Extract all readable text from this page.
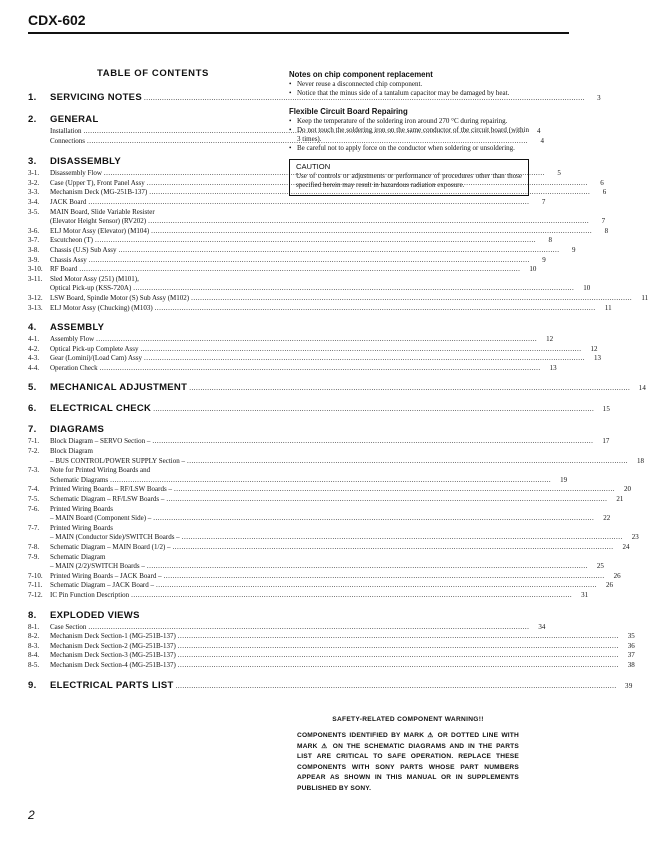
CDX-602
TABLE OF CONTENTS
1.	SERVICING NOTES .....	3
2.	GENERAL
Installation .....	4
Connections .....	4
3.	DISASSEMBLY
3-1.	Disassembly Flow .....	5
3-2.	Case (Upper T), Front Panel Assy .....	6
3-3.	Mechanism Deck (MG-251B-137) .....	6
3-4.	JACK Board .....	7
3-5.	MAIN Board, Slide Variable Resister
(Elevator Height Sensor) (RV202) .....	7
3-6.	ELJ Motor Assy (Elevator) (M104) .....	8
3-7.	Escutcheon (T) .....	8
3-8.	Chassis (U.S) Sub Assy .....	9
3-9.	Chassis Assy .....	9
3-10.	RF Board .....	10
3-11.	Sled Motor Assy (251) (M101),
Optical Pick-up (KSS-720A) .....	10
3-12.	LSW Board, Spindle Motor (S) Sub Assy (M102) .....	11
3-13.	ELJ Motor Assy (Chucking) (M103) .....	11
4.	ASSEMBLY
4-1.	Assembly Flow .....	12
4-2.	Optical Pick-up Complete Assy .....	12
4-3.	Gear (Lomini)/(Load Cam) Assy .....	13
4-4.	Operation Check .....	13
5.	MECHANICAL ADJUSTMENT .....	14
6.	ELECTRICAL CHECK .....	15
7.	DIAGRAMS
7-1.	Block Diagram – SERVO Section – .....	17
7-2.	Block Diagram
– BUS CONTROL/POWER SUPPLY Section – .....	18
7-3.	Note for Printed Wiring Boards and
Schematic Diagrams .....	19
7-4.	Printed Wiring Boards – RF/LSW Boards – .....	20
7-5.	Schematic Diagram – RF/LSW Boards – .....	21
7-6.	Printed Wiring Boards
– MAIN Board (Component Side) – .....	22
7-7.	Printed Wiring Boards
– MAIN (Conductor Side)/SWITCH Boards – .....	23
7-8.	Schematic Diagram – MAIN Board (1/2) – .....	24
7-9.	Schematic Diagram
– MAIN (2/2)/SWITCH Boards – .....	25
7-10.	Printed Wiring Boards – JACK Board – .....	26
7-11.	Schematic Diagram – JACK Board – .....	26
7-12.	IC Pin Function Description .....	31
8.	EXPLODED VIEWS
8-1.	Case Section .....	34
8-2.	Mechanism Deck Section-1 (MG-251B-137) .....	35
8-3.	Mechanism Deck Section-2 (MG-251B-137) .....	36
8-4.	Mechanism Deck Section-3 (MG-251B-137) .....	37
8-5.	Mechanism Deck Section-4 (MG-251B-137) .....	38
9.	ELECTRICAL PARTS LIST .....	39
Notes on chip component replacement
• Never reuse a disconnected chip component.
• Notice that the minus side of a tantalum capacitor may be damaged by heat.
Flexible Circuit Board Repairing
• Keep the temperature of the soldering iron around 270 °C during repairing.
• Do not touch the soldering iron on the same conductor of the circuit board (within 3 times).
• Be careful not to apply force on the conductor when soldering or unsoldering.
CAUTION
Use of controls or adjustments or performance of procedures other than those specified herein may result in hazardous radiation exposure.
SAFETY-RELATED COMPONENT WARNING!!
COMPONENTS IDENTIFIED BY MARK ⚠ OR DOTTED LINE WITH MARK ⚠ ON THE SCHEMATIC DIAGRAMS AND IN THE PARTS LIST ARE CRITICAL TO SAFE OPERATION. REPLACE THESE COMPONENTS WITH SONY PARTS WHOSE PART NUMBERS APPEAR AS SHOWN IN THIS MANUAL OR IN SUPPLEMENTS PUBLISHED BY SONY.
2
